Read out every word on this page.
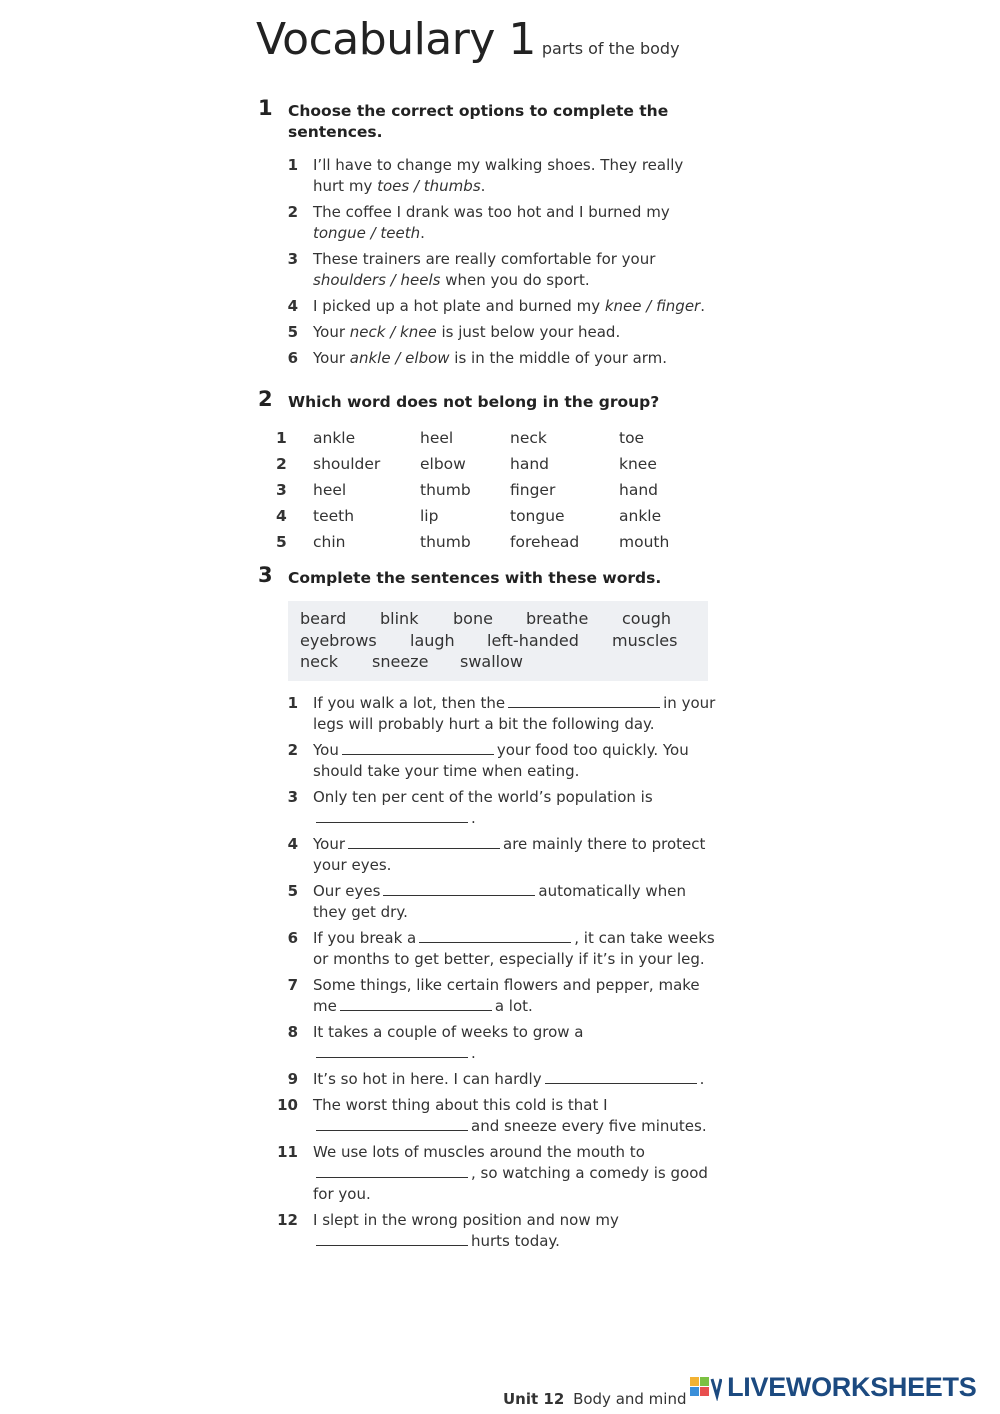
Vocabulary 1 parts of the body
1 Choose the correct options to complete the sentences.
1 I’ll have to change my walking shoes. They really hurt my toes / thumbs.
2 The coffee I drank was too hot and I burned my tongue / teeth.
3 These trainers are really comfortable for your shoulders / heels when you do sport.
4 I picked up a hot plate and burned my knee / finger.
5 Your neck / knee is just below your head.
6 Your ankle / elbow is in the middle of your arm.
2 Which word does not belong in the group?
1	ankle	heel	neck	toe
2	shoulder	elbow	hand	knee
3	heel	thumb	finger	hand
4	teeth	lip	tongue	ankle
5	chin	thumb	forehead	mouth
3 Complete the sentences with these words.
beard blink bone breathe cough
eyebrows laugh left-handed muscles
neck sneeze swallow
1 If you walk a lot, then the	in your legs will probably hurt a bit the following day.
2 You	your food too quickly. You should take your time when eating.
3 Only ten per cent of the world’s population is.
4 Your	are mainly there to protect your eyes.
5 Our eyes	automatically when they get dry.
6 If you break a	, it can take weeks or months to get better, especially if it’s in your leg.
7 Some things, like certain flowers and pepper, make me	a lot.
8 It takes a couple of weeks to grow a.
9 It’s so hot in here. I can hardly	.
10 The worst thing about this cold is that Iand sneeze every five minutes.
11 We use lots of muscles around the mouth to, so watching a comedy is good for you.
12 I slept in the wrong position and now myhurts today.
Unit 12 Body and mind	LIVEWORKSHEETS
